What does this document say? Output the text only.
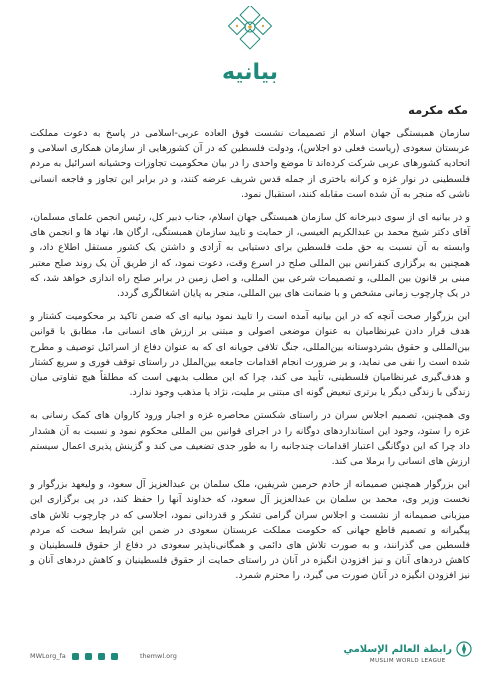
بیانیه
مکه مکرمه

سازمان همبستگی جهان اسلام از تصمیمات نشست فوق العاده عربی-اسلامی در پاسخ به دعوت مملکت عربستان سعودی (ریاست فعلی دو اجلاس)، ودولت فلسطین که در آن کشورهایی از سازمان همکاری اسلامی و اتحادیه کشورهای عربی شرکت کرده‌اند تا موضع واحدی را در بیان محکومیت تجاوزات وحشیانه اسرائیل به مردم فلسطینی در نوار غزه و کرانه باختری از جمله قدس شریف عرضه کنند، و در برابر این تجاوز و فاجعه انسانی ناشی که منجر به آن شده است مقابله کنند، استقبال نمود.

و در بیانیه ای از سوی دبیرخانه کل سازمان همبستگی جهان اسلام، جناب دبیر کل، رئیس انجمن علمای مسلمان، آقای دکتر شیخ محمد بن عبدالکریم العیسی، از حمایت و تایید سازمان همبستگی، ارگان ها، نهاد ها و انجمن های وابسته به آن نسبت به حق ملت فلسطین برای دستیابی به آزادی و داشتن یک کشور مستقل اطلاع داد، و همچنین به برگزاری کنفرانس بین المللی صلح در اسرع وقت، دعوت نمود، که از طریق آن یک روند صلح معتبر مبنی بر قانون بین المللی، و تصمیمات شرعی بین المللی، و اصل زمین در برابر صلح راه اندازی خواهد شد، که در یک چارچوب زمانی مشخص و با ضمانت های بین المللی، منجر به پایان اشغالگری گردد.

این بزرگوار صحت آنچه که در این بیانیه آمده است را تایید نمود بیانیه ای که ضمن تاکید بر محکومیت کشتار و هدف قرار دادن غیرنظامیان به عنوان موضعی اصولی و مبتنی بر ارزش های انسانی ما، مطابق با قوانین بین‌المللی و حقوق بشردوستانه بین‌المللی، جنگ تلافی جویانه ای که به عنوان دفاع از اسرائیل توصیف و مطرح شده است را نفی می نماید، و بر ضرورت انجام اقدامات جامعه بین‌الملل در راستای توقف فوری و سریع کشتار و هدف‌گیری غیرنظامیان فلسطینی، تأیید می کند، چرا که این مطلب بدیهی است که مطلقاً هیچ تفاوتی میان زندگی با زندگی دیگر یا برتری تبعیض گونه ای مبتنی بر ملیت، نژاد یا مذهب وجود ندارد.

وی همچنین، تصمیم اجلاس سران در راستای شکستن محاصره غزه و اجبار ورود کاروان های کمک رسانی به غزه را ستود، وجود این استانداردهای دوگانه را در اجرای قوانین بین المللی محکوم نمود و نسبت به آن هشدار داد چرا که این دوگانگی اعتبار اقدامات چندجانبه را به طور جدی تضعیف می کند و گزینش پذیری اعمال سیستم ارزش های انسانی را برملا می کند.

این بزرگوار همچنین صمیمانه از خادم حرمین شریفین، ملک سلمان بن عبدالعزیز آل سعود، و ولیعهد بزرگوار و نخست وزیر وی، محمد بن سلمان بن عبدالعزیز آل سعود، که خداوند آنها را حفظ کند، در پی برگزاری این میزبانی صمیمانه از نشست و اجلاس سران گرامی تشکر و قدردانی نمود، اجلاسی که در چارچوب تلاش های پیگیرانه و تصمیم قاطع جهانی که حکومت مملکت عربستان سعودی در ضمن این شرایط سخت که مردم فلسطین می گذرانند، و به صورت تلاش های دائمی و همگانی‌ناپذیر سعودی در دفاع از حقوق فلسطینیان و کاهش دردهای آنان و نیز افزودن انگیزه در آنان در راستای حمایت از حقوق فلسطینیان و کاهش دردهای آنان و نیز افزودن انگیزه در آنان صورت می گیرد، را محترم شمرد.

MWLorg_fa	themwl.org
رابطة العالم الإسلامي
MUSLIM WORLD LEAGUE
